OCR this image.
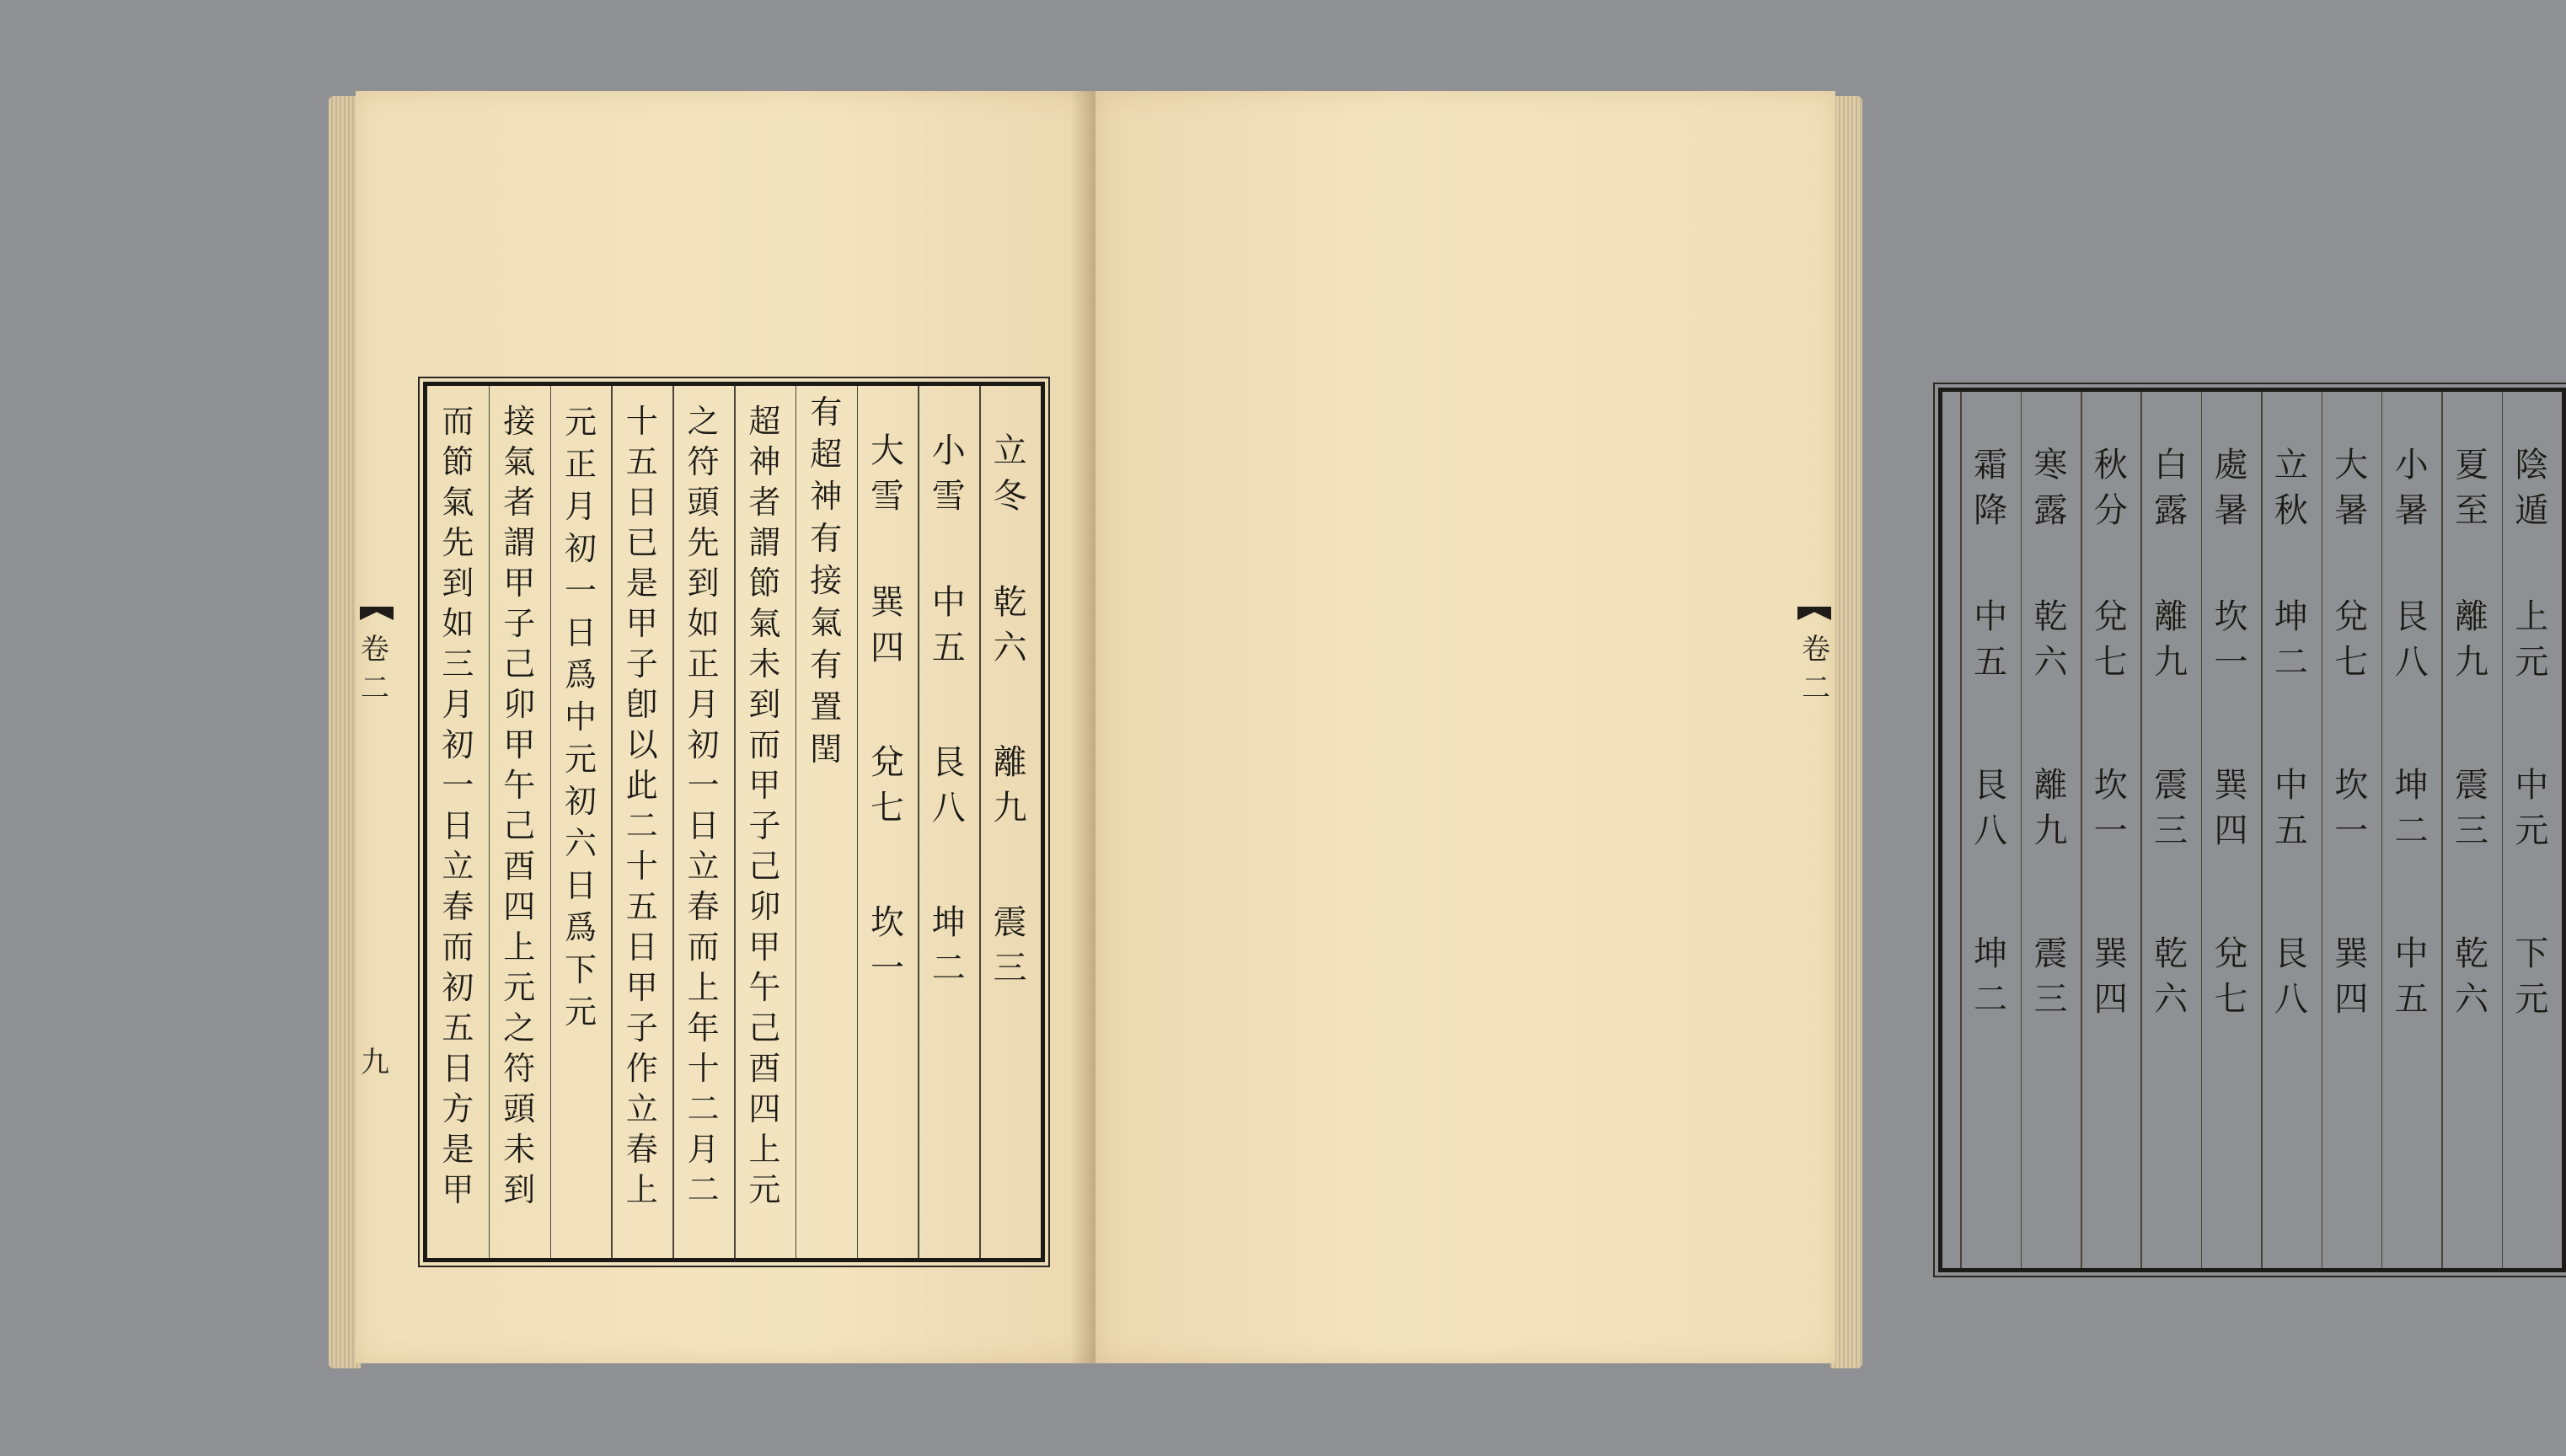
卷
二
九
立
冬
乾
六
離
九
震
三
小
雪
中
五
艮
八
坤
二
大
雪
巽
四
兌
七
坎
一
有
超
神
有
接
氣
有
置
閏
超
神
者
謂
節
氣
未
到
而
甲
子
己
卯
甲
午
己
酉
四
上
元
之
符
頭
先
到
如
正
月
初
一
日
立
春
而
上
年
十
二
月
二
十
五
日
已
是
甲
子
卽
以
此
二
十
五
日
甲
子
作
立
春
上
元
正
月
初
一
日
爲
中
元
初
六
日
爲
下
元
接
氣
者
謂
甲
子
己
卯
甲
午
己
酉
四
上
元
之
符
頭
未
到
而
節
氣
先
到
如
三
月
初
一
日
立
春
而
初
五
日
方
是
甲
卷
二
陰
遁
上
元
中
元
下
元
夏
至
離
九
震
三
乾
六
小
暑
艮
八
坤
二
中
五
大
暑
兌
七
坎
一
巽
四
立
秋
坤
二
中
五
艮
八
處
暑
坎
一
巽
四
兌
七
白
露
離
九
震
三
乾
六
秋
分
兌
七
坎
一
巽
四
寒
露
乾
六
離
九
震
三
霜
降
中
五
艮
八
坤
二
